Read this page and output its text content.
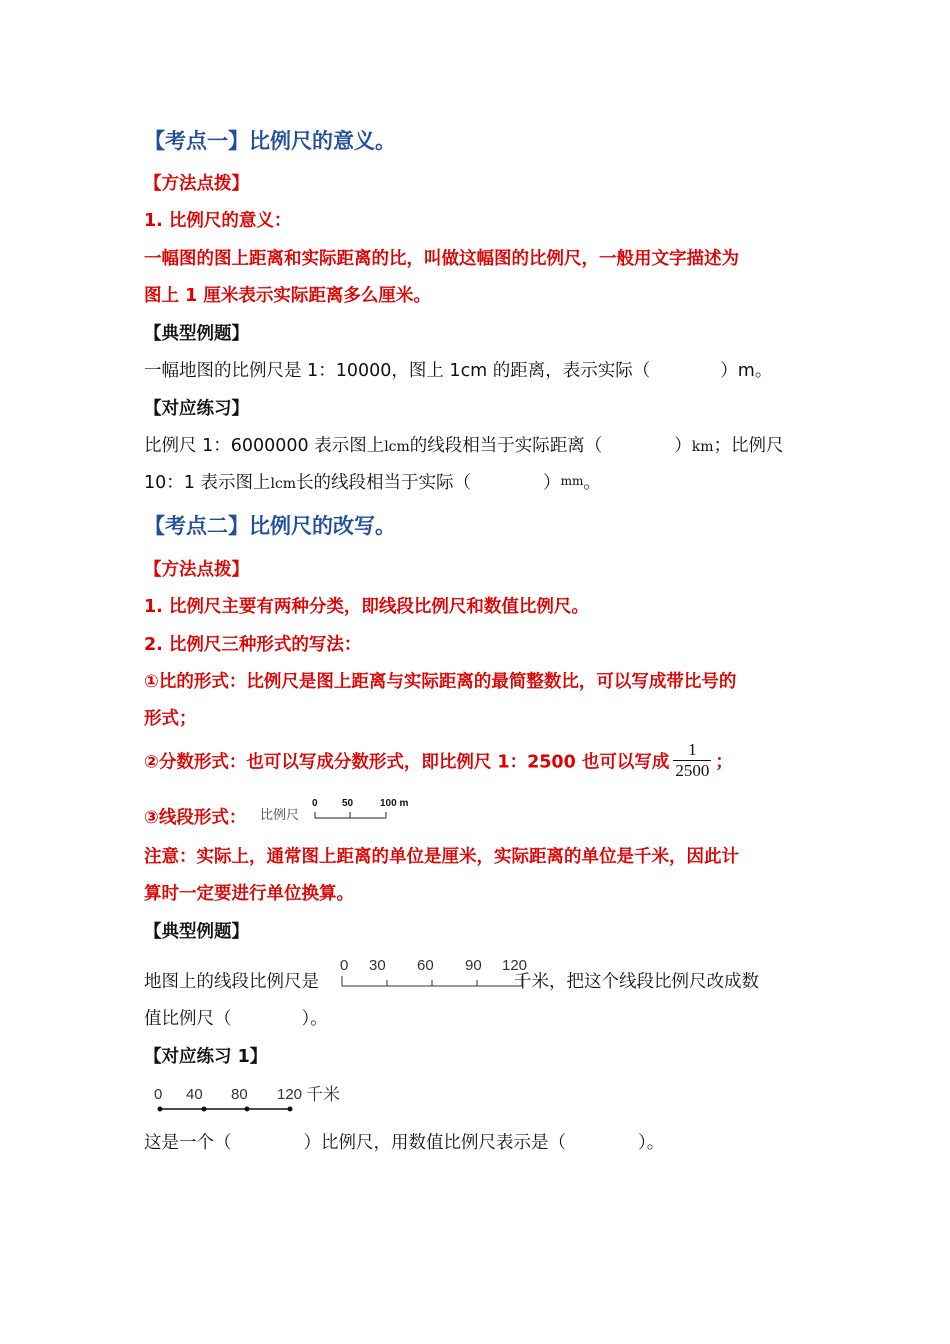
【考点一】比例尺的意义。
【方法点拨】
1. 比例尺的意义：
一幅图的图上距离和实际距离的比，叫做这幅图的比例尺，一般用文字描述为
图上 1 厘米表示实际距离多么厘米。
【典型例题】
一幅地图的比例尺是 1：10000，图上 1cm 的距离，表示实际（	）m。
【对应练习】
比例尺 1：6000000 表示图上lcm的线段相当于实际距离（	）km；比例尺
10：1 表示图上lcm长的线段相当于实际（	）mm。
【考点二】比例尺的改写。
【方法点拨】
1. 比例尺主要有两种分类，即线段比例尺和数值比例尺。
2. 比例尺三种形式的写法：
①比的形式：比例尺是图上距离与实际距离的最简整数比，可以写成带比号的
形式；
②分数形式：也可以写成分数形式，即比例尺 1：2500 也可以写成 $\frac{1}{2500}$ ；
③线段形式： 比例尺
0 50	100 m
注意：实际上，通常图上距离的单位是厘米，实际距离的单位是千米，因此计
算时一定要进行单位换算。
【典型例题】
地图上的线段比例尺是	千米，把这个线段比例尺改成数
0 30 60 90 120
值比例尺（	）。
【对应练习 1】
0 40 80 120 千米
这是一个（	）比例尺，用数值比例尺表示是（	）。
